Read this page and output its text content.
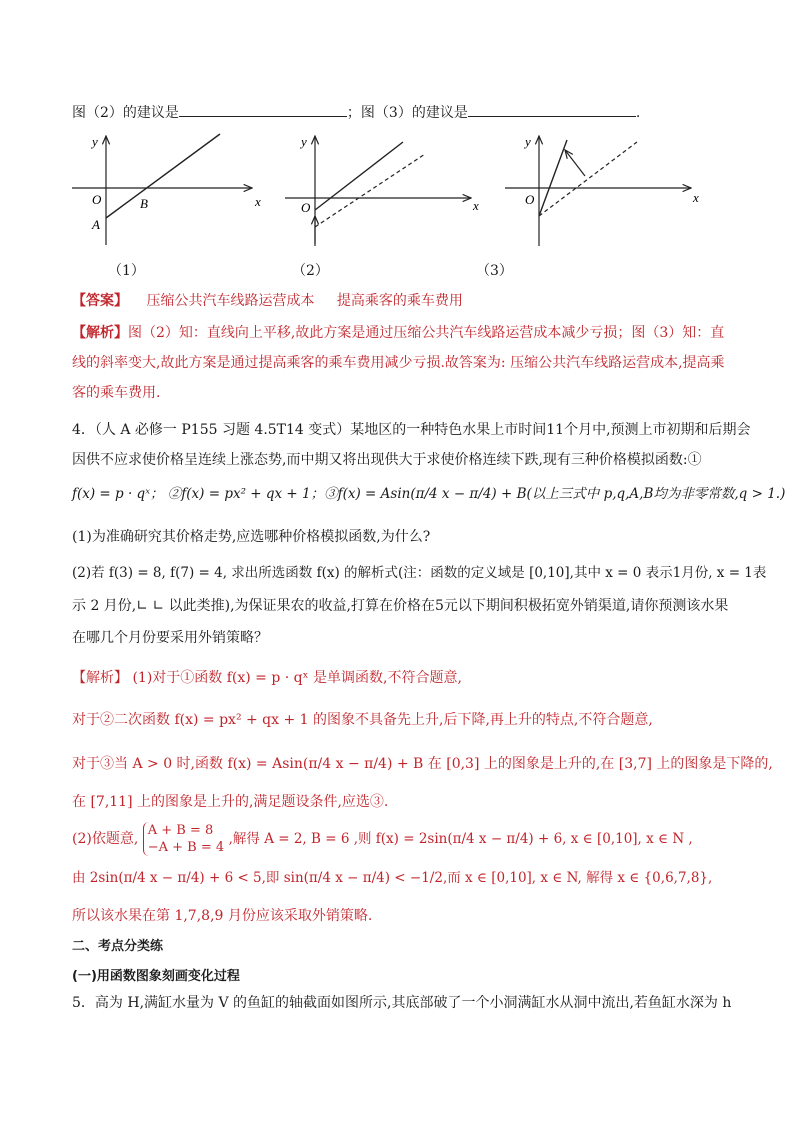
图（2）的建议是	；图（3）的建议是	.
y
x
O
A
B
（1）
y
x
O
（2）
y
x
O
（3）
【答案】 压缩公共汽车线路运营成本 提高乘客的乘车费用
【解析】图（2）知：直线向上平移,故此方案是通过压缩公共汽车线路运营成本减少亏损；图（3）知：直
线的斜率变大,故此方案是通过提高乘客的乘车费用减少亏损.故答案为: 压缩公共汽车线路运营成本,提高乘
客的乘车费用.
4．（人 A 必修一 P155 习题 4.5T14 变式）某地区的一种特色水果上市时间11个月中,预测上市初期和后期会
因供不应求使价格呈连续上涨态势,而中期又将出现供大于求使价格连续下跌,现有三种价格模拟函数:①
f(x) = p · qˣ； ②f(x) = px² + qx + 1；③f(x) = Asin(π/4 x − π/4) + B(以上三式中 p,q,A,B均为非零常数,q > 1.)
(1)为准确研究其价格走势,应选哪种价格模拟函数,为什么?
(2)若 f(3) = 8, f(7) = 4, 求出所选函数 f(x) 的解析式(注：函数的定义域是 [0,10],其中 x = 0 表示1月份, x = 1表
示 2 月份,∟ ∟ 以此类推),为保证果农的收益,打算在价格在5元以下期间积极拓宽外销渠道,请你预测该水果
在哪几个月份要采用外销策略？
【解析】 (1)对于①函数 f(x) = p · qˣ 是单调函数,不符合题意,
对于②二次函数 f(x) = px² + qx + 1 的图象不具备先上升,后下降,再上升的特点,不符合题意,
对于③当 A > 0 时,函数 f(x) = Asin(π/4 x − π/4) + B 在 [0,3] 上的图象是上升的,在 [3,7] 上的图象是下降的,
在 [7,11] 上的图象是上升的,满足题设条件,应选③.
(2)依题意,
A + B = 8
−A + B = 4
,解得 A = 2, B = 6 ,则 f(x) = 2sin(π/4 x − π/4) + 6, x ∈ [0,10], x ∈ N ,
由 2sin(π/4 x − π/4) + 6 < 5,即 sin(π/4 x − π/4) < −1/2,而 x ∈ [0,10], x ∈ N, 解得 x ∈ {0,6,7,8},
所以该水果在第 1,7,8,9 月份应该采取外销策略.
二、考点分类练
(一)用函数图象刻画变化过程
5．高为 H,满缸水量为 V 的鱼缸的轴截面如图所示,其底部破了一个小洞满缸水从洞中流出,若鱼缸水深为 h
